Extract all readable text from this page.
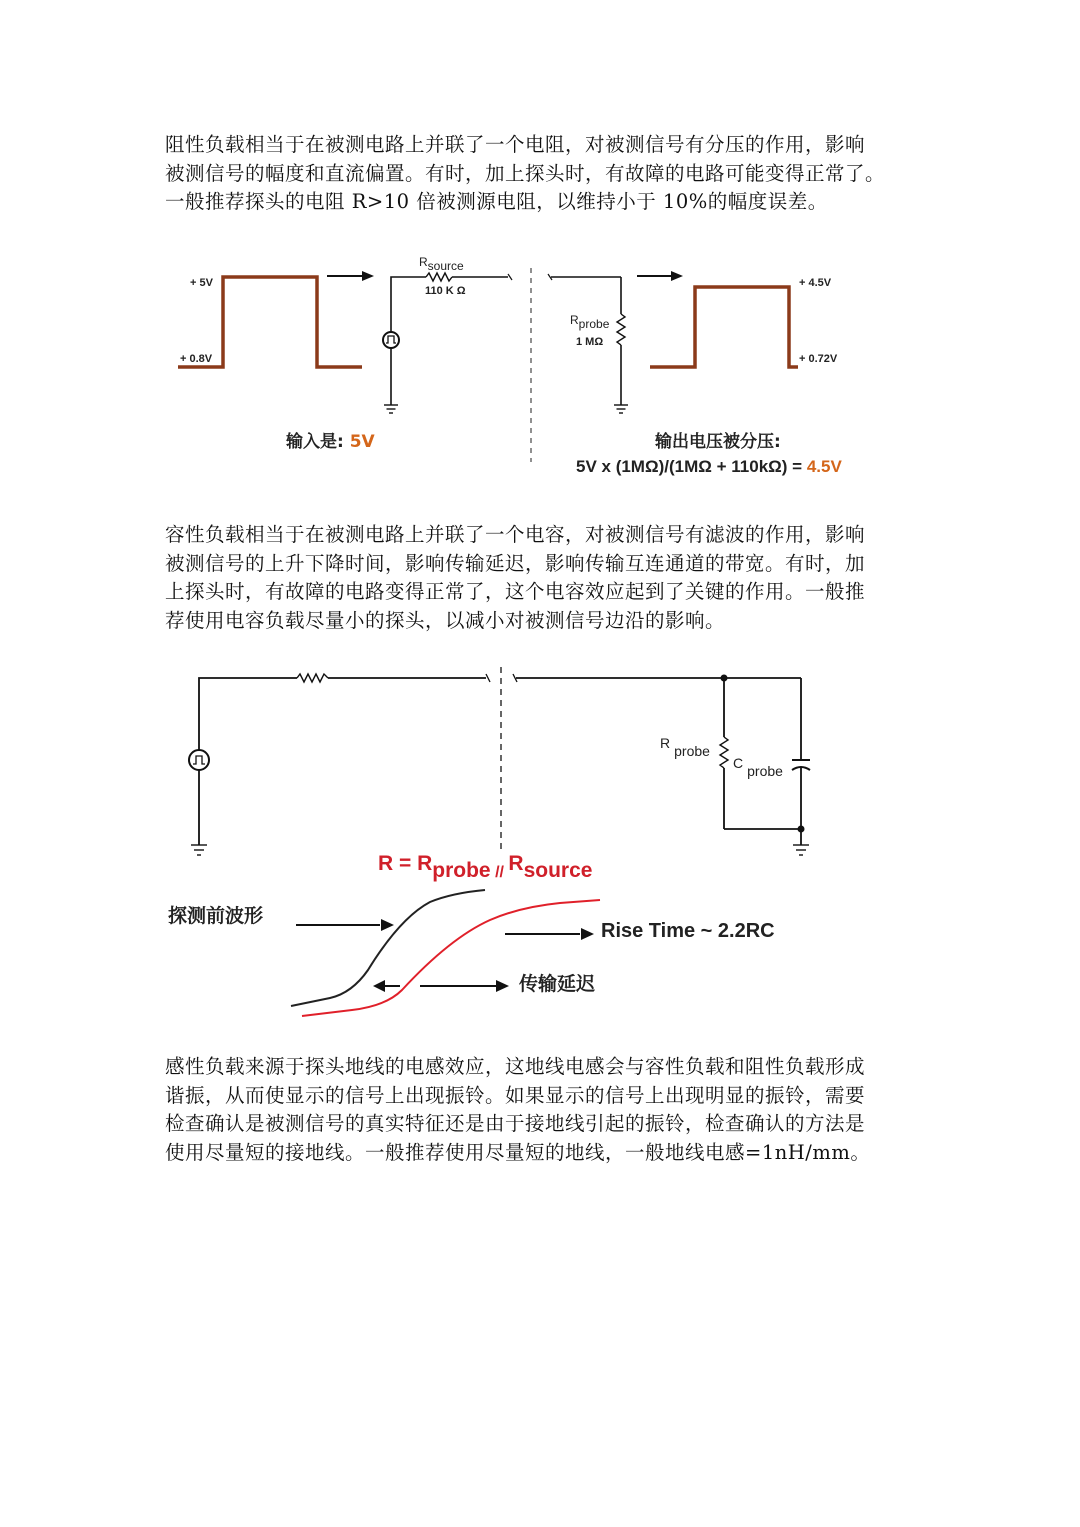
阻性负载相当于在被测电路上并联了一个电阻，对被测信号有分压的作用，影响
被测信号的幅度和直流偏置。有时，加上探头时，有故障的电路可能变得正常了。
一般推荐探头的电阻 R>10 倍被测源电阻，以维持小于 10%的幅度误差。
+ 5V
+ 0.8V
Rsource
110 K Ω
Rprobe
1 MΩ
+ 4.5V
+ 0.72V
输入是: 5V	输出电压被分压:
5V x (1MΩ)/(1MΩ + 110kΩ) = 4.5V
容性负载相当于在被测电路上并联了一个电容，对被测信号有滤波的作用，影响
被测信号的上升下降时间，影响传输延迟，影响传输互连通道的带宽。有时，加
上探头时，有故障的电路变得正常了，这个电容效应起到了关键的作用。一般推
荐使用电容负载尽量小的探头，以减小对被测信号边沿的影响。
R probe
C probe
R = Rprobe // Rsource
探测前波形
Rise Time ~ 2.2RC
传输延迟
感性负载来源于探头地线的电感效应，这地线电感会与容性负载和阻性负载形成
谐振，从而使显示的信号上出现振铃。如果显示的信号上出现明显的振铃，需要
检查确认是被测信号的真实特征还是由于接地线引起的振铃，检查确认的方法是
使用尽量短的接地线。一般推荐使用尽量短的地线，一般地线电感=1nH/mm。
